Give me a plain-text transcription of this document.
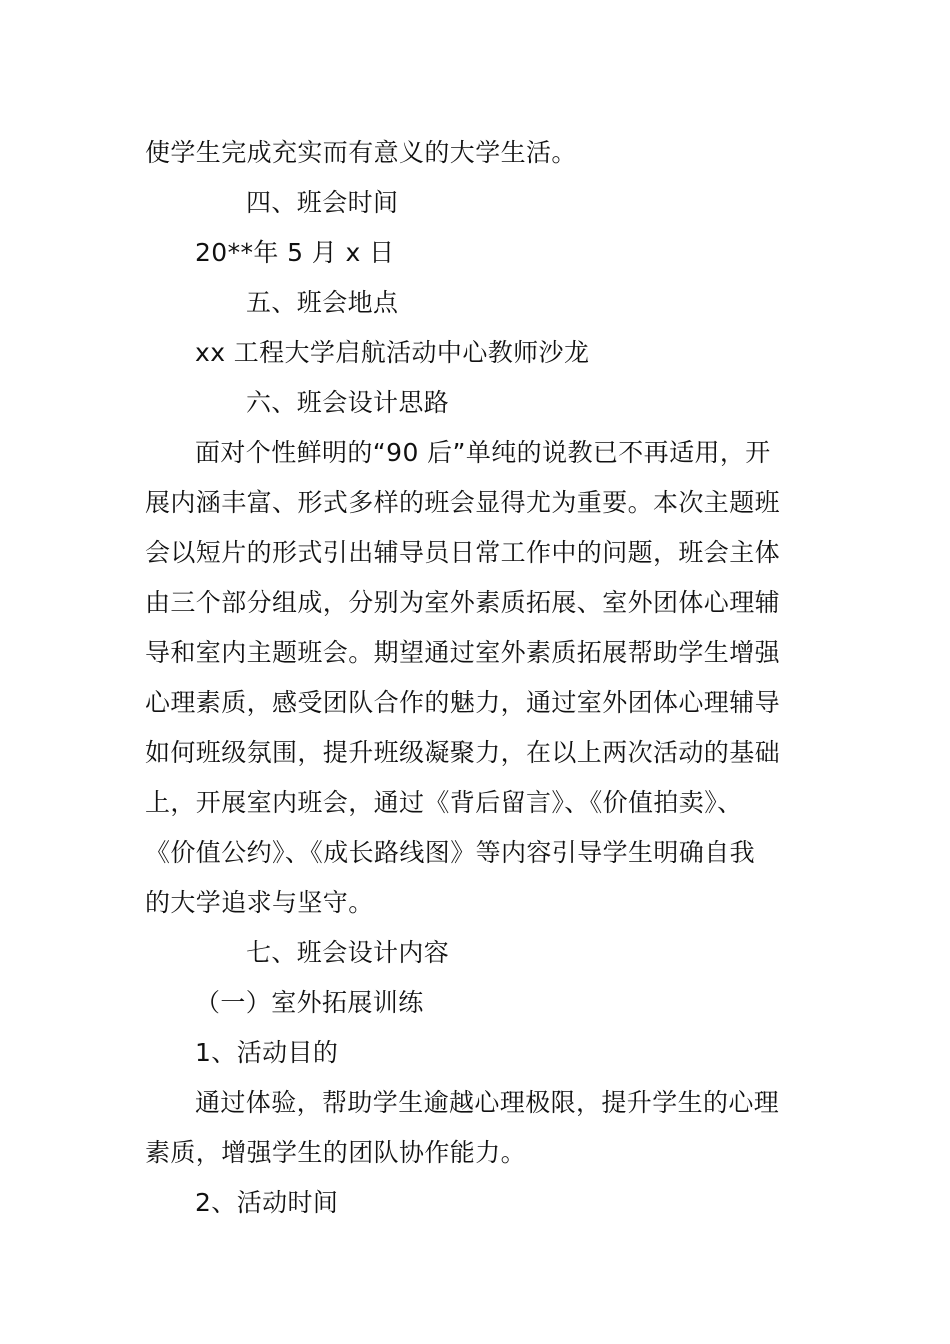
使学生完成充实而有意义的大学生活。
四、班会时间
20**年 5 月 x 日
五、班会地点
xx 工程大学启航活动中心教师沙龙
六、班会设计思路
面对个性鲜明的“90 后”单纯的说教已不再适用，开
展内涵丰富、形式多样的班会显得尤为重要。本次主题班
会以短片的形式引出辅导员日常工作中的问题，班会主体
由三个部分组成，分别为室外素质拓展、室外团体心理辅
导和室内主题班会。期望通过室外素质拓展帮助学生增强
心理素质，感受团队合作的魅力，通过室外团体心理辅导
如何班级氛围，提升班级凝聚力，在以上两次活动的基础
上，开展室内班会，通过《背后留言》、《价值拍卖》、
《价值公约》、《成长路线图》等内容引导学生明确自我
的大学追求与坚守。
七、班会设计内容
（一）室外拓展训练
1、活动目的
通过体验，帮助学生逾越心理极限，提升学生的心理
素质，增强学生的团队协作能力。
2、活动时间
